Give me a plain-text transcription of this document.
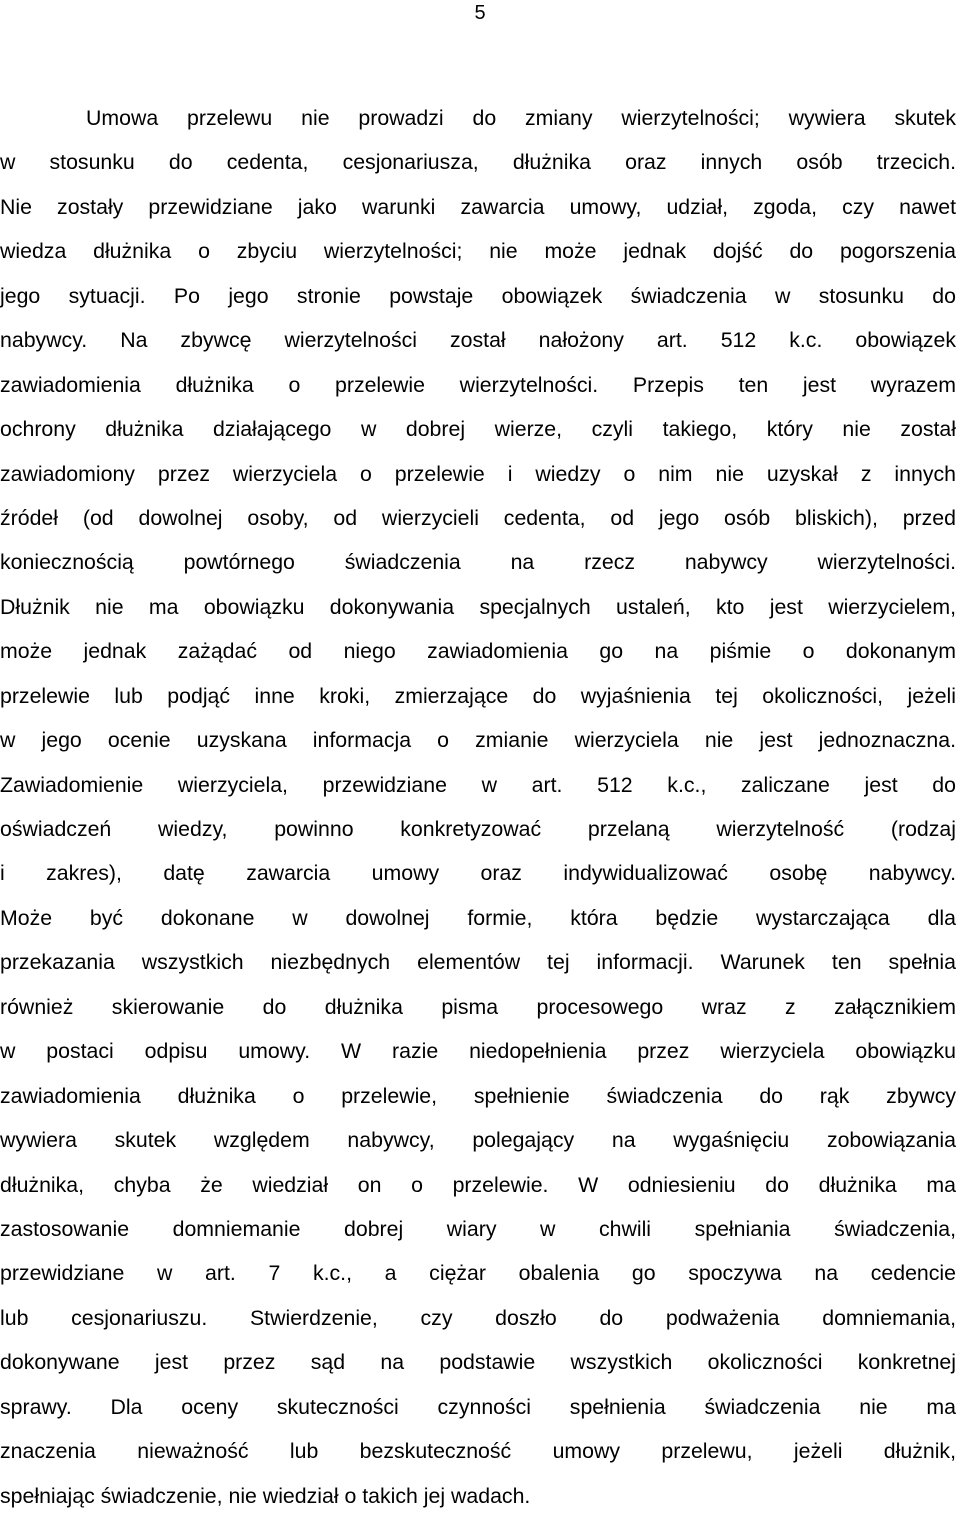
5
Umowa przelewu nie prowadzi do zmiany wierzytelności; wywiera skutek
w stosunku do cedenta, cesjonariusza, dłużnika oraz innych osób trzecich.
Nie zostały przewidziane jako warunki zawarcia umowy, udział, zgoda, czy nawet
wiedza dłużnika o zbyciu wierzytelności; nie może jednak dojść do pogorszenia
jego sytuacji. Po jego stronie powstaje obowiązek świadczenia w stosunku do
nabywcy. Na zbywcę wierzytelności został nałożony art. 512 k.c. obowiązek
zawiadomienia dłużnika o przelewie wierzytelności. Przepis ten jest wyrazem
ochrony dłużnika działającego w dobrej wierze, czyli takiego, który nie został
zawiadomiony przez wierzyciela o przelewie i wiedzy o nim nie uzyskał z innych
źródeł (od dowolnej osoby, od wierzycieli cedenta, od jego osób bliskich), przed
koniecznością powtórnego świadczenia na rzecz nabywcy wierzytelności.
Dłużnik nie ma obowiązku dokonywania specjalnych ustaleń, kto jest wierzycielem,
może jednak zażądać od niego zawiadomienia go na piśmie o dokonanym
przelewie lub podjąć inne kroki, zmierzające do wyjaśnienia tej okoliczności, jeżeli
w jego ocenie uzyskana informacja o zmianie wierzyciela nie jest jednoznaczna.
Zawiadomienie wierzyciela, przewidziane w art. 512 k.c., zaliczane jest do
oświadczeń wiedzy, powinno konkretyzować przelaną wierzytelność (rodzaj
i zakres), datę zawarcia umowy oraz indywidualizować osobę nabywcy.
Może być dokonane w dowolnej formie, która będzie wystarczająca dla
przekazania wszystkich niezbędnych elementów tej informacji. Warunek ten spełnia
również skierowanie do dłużnika pisma procesowego wraz z załącznikiem
w postaci odpisu umowy. W razie niedopełnienia przez wierzyciela obowiązku
zawiadomienia dłużnika o przelewie, spełnienie świadczenia do rąk zbywcy
wywiera skutek względem nabywcy, polegający na wygaśnięciu zobowiązania
dłużnika, chyba że wiedział on o przelewie. W odniesieniu do dłużnika ma
zastosowanie domniemanie dobrej wiary w chwili spełniania świadczenia,
przewidziane w art. 7 k.c., a ciężar obalenia go spoczywa na cedencie
lub cesjonariuszu. Stwierdzenie, czy doszło do podważenia domniemania,
dokonywane jest przez sąd na podstawie wszystkich okoliczności konkretnej
sprawy. Dla oceny skuteczności czynności spełnienia świadczenia nie ma
znaczenia nieważność lub bezskuteczność umowy przelewu, jeżeli dłużnik,
spełniając świadczenie, nie wiedział o takich jej wadach.
